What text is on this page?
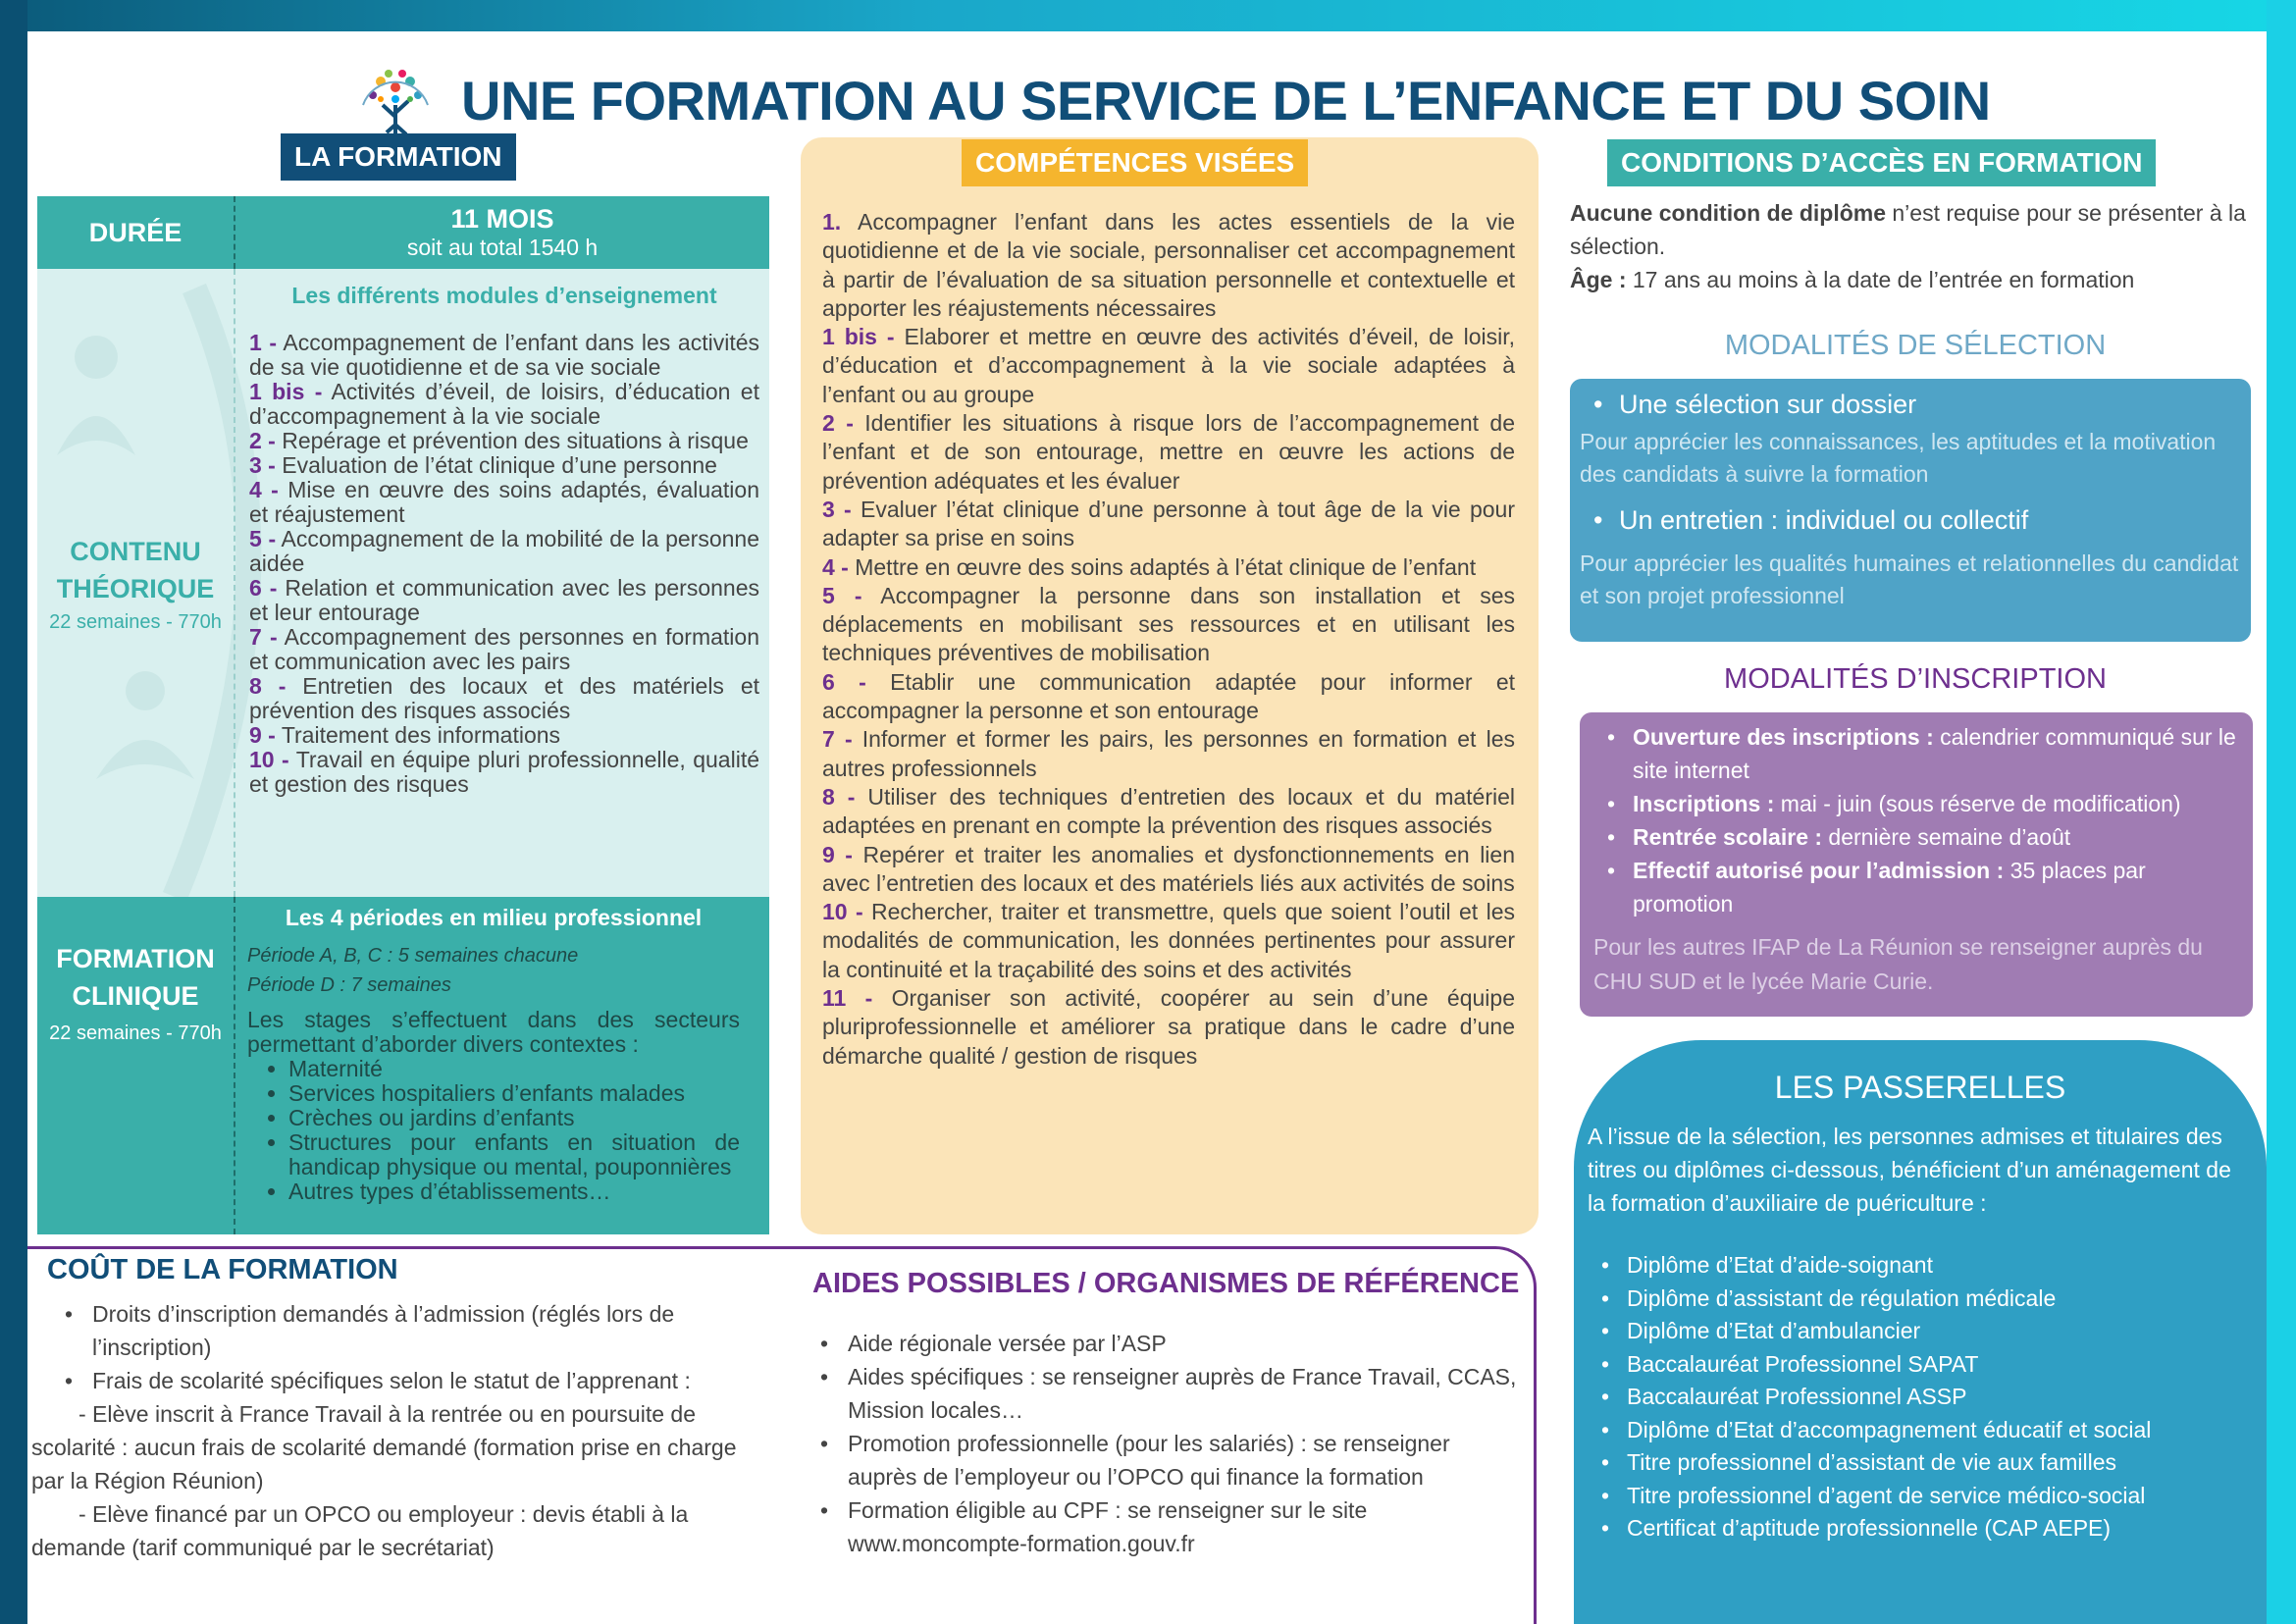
UNE FORMATION AU SERVICE DE L’ENFANCE ET DU SOIN
LA FORMATION
DURÉE	11 MOIS
soit au total 1540 h
CONTENU
THÉORIQUE
22 semaines - 770h
Les différents modules d’enseignement
1 - Accompagnement de l’enfant dans les activités de sa vie quotidienne et de sa vie sociale
1 bis - Activités d’éveil, de loisirs, d’éducation et d’accompagnement à la vie sociale
2 - Repérage et prévention des situations à risque
3 - Evaluation de l’état clinique d’une personne
4 - Mise en œuvre des soins adaptés, évaluation et réajustement
5 - Accompagnement de la mobilité de la personne aidée
6 - Relation et communication avec les personnes et leur entourage
7 - Accompagnement des personnes en formation et communication avec les pairs
8 - Entretien des locaux et des matériels et prévention des risques associés
9 - Traitement des informations
10 - Travail en équipe pluri professionnelle, qualité et gestion des risques
FORMATION
CLINIQUE
22 semaines - 770h
Les 4 périodes en milieu professionnel
Période A, B, C : 5 semaines chacune
Période D : 7 semaines
Les stages s’effectuent dans des secteurs permettant d’aborder divers contextes :
• Maternité
• Services hospitaliers d’enfants malades
• Crèches ou jardins d’enfants
• Structures pour enfants en situation de handicap physique ou mental, pouponnières
• Autres types d’établissements…
COMPÉTENCES VISÉES
1. Accompagner l’enfant dans les actes essentiels de la vie quotidienne et de la vie sociale, personnaliser cet accompagnement à partir de l’évaluation de sa situation personnelle et contextuelle et apporter les réajustements nécessaires
1 bis - Elaborer et mettre en œuvre des activités d’éveil, de loisir, d’éducation et d’accompagnement à la vie sociale adaptées à l’enfant ou au groupe
2 - Identifier les situations à risque lors de l’accompagnement de l’enfant et de son entourage, mettre en œuvre les actions de prévention adéquates et les évaluer
3 - Evaluer l’état clinique d’une personne à tout âge de la vie pour adapter sa prise en soins
4 - Mettre en œuvre des soins adaptés à l’état clinique de l’enfant
5 - Accompagner la personne dans son installation et ses déplacements en mobilisant ses ressources et en utilisant les techniques préventives de mobilisation
6 - Etablir une communication adaptée pour informer et accompagner la personne et son entourage
7 - Informer et former les pairs, les personnes en formation et les autres professionnels
8 - Utiliser des techniques d’entretien des locaux et du matériel adaptées en prenant en compte la prévention des risques associés
9 - Repérer et traiter les anomalies et dysfonctionnements en lien avec l’entretien des locaux et des matériels liés aux activités de soins
10 - Rechercher, traiter et transmettre, quels que soient l’outil et les modalités de communication, les données pertinentes pour assurer la continuité et la traçabilité des soins et des activités
11 - Organiser son activité, coopérer au sein d’une équipe pluriprofessionnelle et améliorer sa pratique dans le cadre d’une démarche qualité / gestion de risques
CONDITIONS D’ACCÈS EN FORMATION
Aucune condition de diplôme n’est requise pour se présenter à la sélection.
Âge : 17 ans au moins à la date de l’entrée en formation
MODALITÉS DE SÉLECTION
• Une sélection sur dossier
Pour apprécier les connaissances, les aptitudes et la motivation des candidats à suivre la formation
• Un entretien : individuel ou collectif
Pour apprécier les qualités humaines et relationnelles du candidat et son projet professionnel
MODALITÉS D’INSCRIPTION
• Ouverture des inscriptions : calendrier communiqué sur le site internet
• Inscriptions : mai - juin (sous réserve de modification)
• Rentrée scolaire : dernière semaine d’août
• Effectif autorisé pour l’admission : 35 places par promotion
Pour les autres IFAP de La Réunion se renseigner auprès du CHU SUD et le lycée Marie Curie.
LES PASSERELLES
A l’issue de la sélection, les personnes admises et titulaires des titres ou diplômes ci-dessous, bénéficient d’un aménagement de la formation d’auxiliaire de puériculture :
• Diplôme d’Etat d’aide-soignant
• Diplôme d’assistant de régulation médicale
• Diplôme d’Etat d’ambulancier
• Baccalauréat Professionnel SAPAT
• Baccalauréat Professionnel ASSP
• Diplôme d’Etat d’accompagnement éducatif et social
• Titre professionnel d’assistant de vie aux familles
• Titre professionnel d’agent de service médico-social
• Certificat d’aptitude professionnelle (CAP AEPE)
COÛT DE LA FORMATION
• Droits d’inscription demandés à l’admission (réglés lors de l’inscription)
• Frais de scolarité spécifiques selon le statut de l’apprenant :
- Elève inscrit à France Travail à la rentrée ou en poursuite de scolarité : aucun frais de scolarité demandé (formation prise en charge par la Région Réunion)
- Elève financé par un OPCO ou employeur : devis établi à la demande (tarif communiqué par le secrétariat)
AIDES POSSIBLES / ORGANISMES DE RÉFÉRENCE
• Aide régionale versée par l’ASP
• Aides spécifiques : se renseigner auprès de France Travail, CCAS, Mission locales…
• Promotion professionnelle (pour les salariés) : se renseigner auprès de l’employeur ou l’OPCO qui finance la formation
• Formation éligible au CPF : se renseigner sur le site www.moncompte-formation.gouv.fr
